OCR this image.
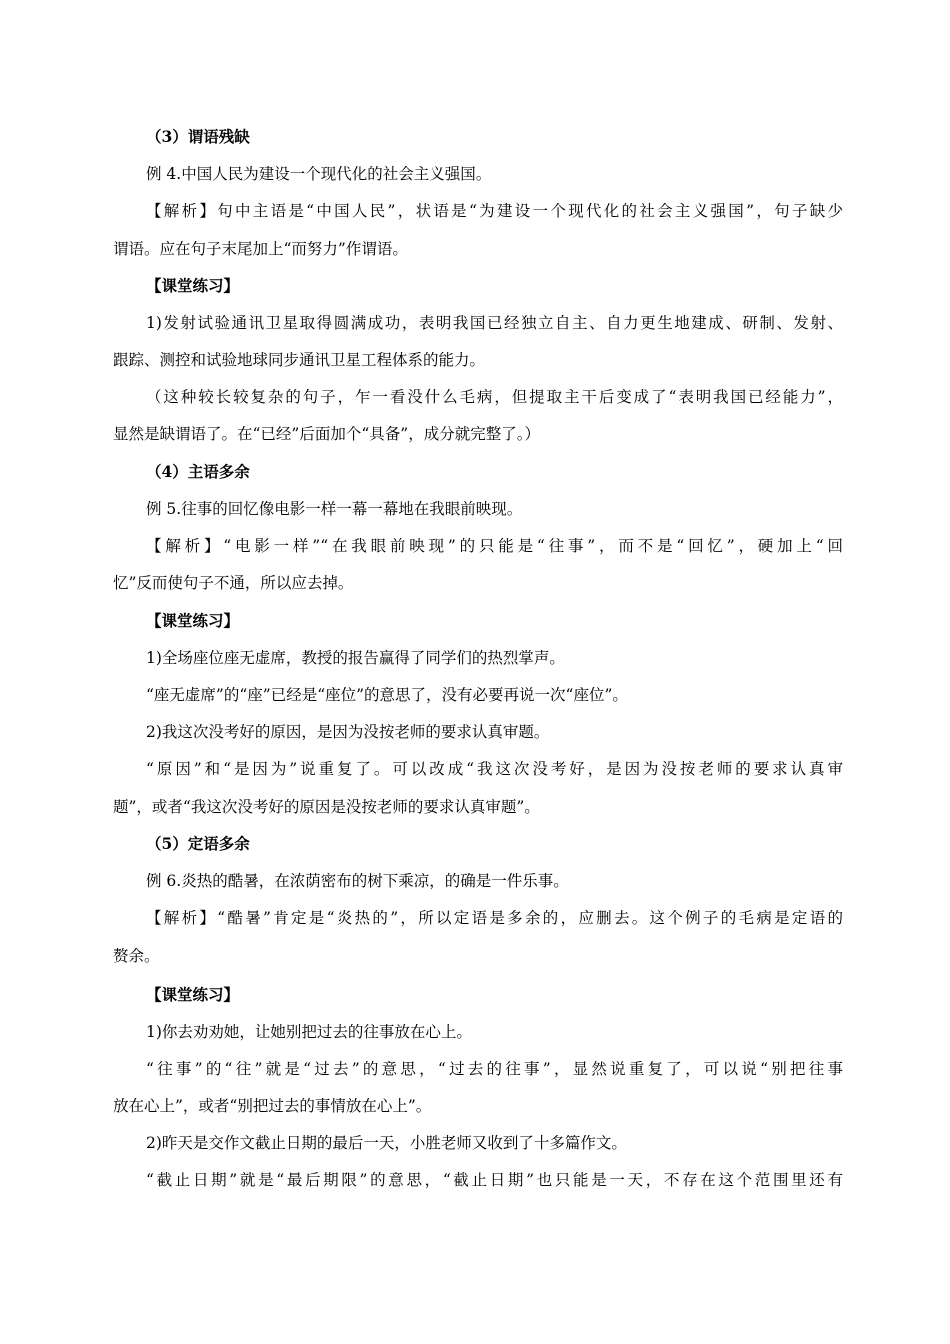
（3）谓语残缺
例 4.中国人民为建设一个现代化的社会主义强国。
【解析】句中主语是“中国人民”，状语是“为建设一个现代化的社会主义强国”，句子缺少
谓语。应在句子末尾加上“而努力”作谓语。
【课堂练习】
1)发射试验通讯卫星取得圆满成功，表明我国已经独立自主、自力更生地建成、研制、发射、
跟踪、测控和试验地球同步通讯卫星工程体系的能力。
（这种较长较复杂的句子，乍一看没什么毛病，但提取主干后变成了“表明我国已经能力”，
显然是缺谓语了。在“已经”后面加个“具备”，成分就完整了。）
（4）主语多余
例 5.往事的回忆像电影一样一幕一幕地在我眼前映现。
【解析】“电影一样”“在我眼前映现”的只能是“往事”，而不是“回忆”，硬加上“回
忆”反而使句子不通，所以应去掉。
【课堂练习】
1)全场座位座无虚席，教授的报告赢得了同学们的热烈掌声。
“座无虚席”的“座”已经是“座位”的意思了，没有必要再说一次“座位”。
2)我这次没考好的原因，是因为没按老师的要求认真审题。
“原因”和“是因为”说重复了。可以改成“我这次没考好，是因为没按老师的要求认真审
题”，或者“我这次没考好的原因是没按老师的要求认真审题”。
（5）定语多余
例 6.炎热的酷暑，在浓荫密布的树下乘凉，的确是一件乐事。
【解析】“酷暑”肯定是“炎热的”，所以定语是多余的，应删去。这个例子的毛病是定语的
赘余。
【课堂练习】
1)你去劝劝她，让她别把过去的往事放在心上。
“往事”的“往”就是“过去”的意思，“过去的往事”，显然说重复了，可以说“别把往事
放在心上”，或者“别把过去的事情放在心上”。
2)昨天是交作文截止日期的最后一天，小胜老师又收到了十多篇作文。
“截止日期”就是“最后期限”的意思，“截止日期”也只能是一天，不存在这个范围里还有
